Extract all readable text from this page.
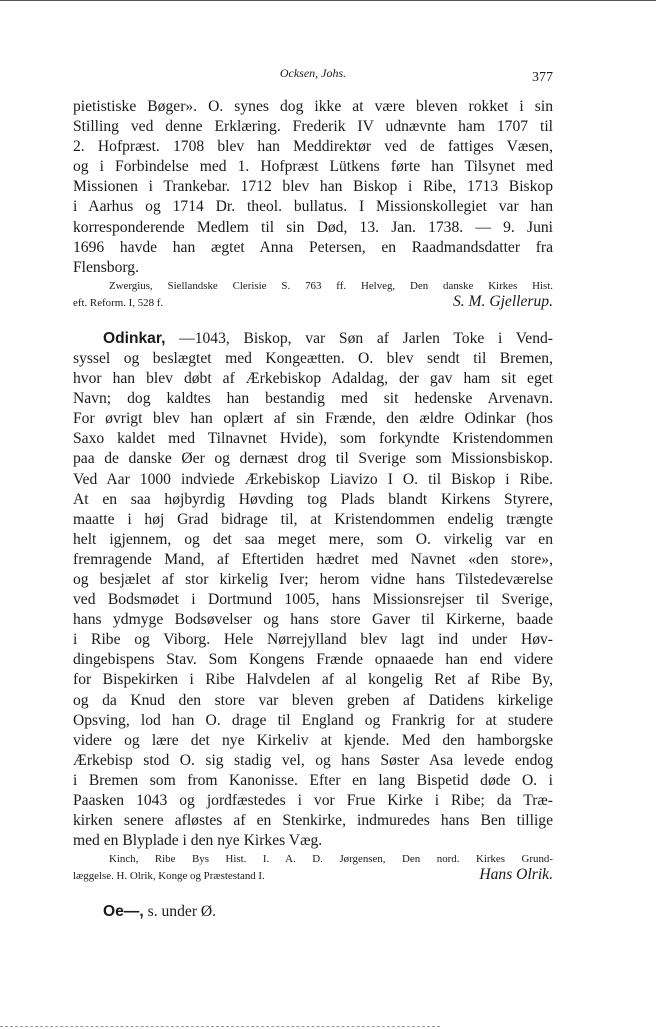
Ocksen, Johs.	377
pietistiske Bøger». O. synes dog ikke at være bleven rokket i sin
Stilling ved denne Erklæring. Frederik IV udnævnte ham 1707 til
2. Hofpræst. 1708 blev han Meddirektør ved de fattiges Væsen,
og i Forbindelse med 1. Hofpræst Lütkens førte han Tilsynet med
Missionen i Trankebar. 1712 blev han Biskop i Ribe, 1713 Biskop
i Aarhus og 1714 Dr. theol. bullatus. I Missionskollegiet var han
korresponderende Medlem til sin Død, 13. Jan. 1738. — 9. Juni
1696 havde han ægtet Anna Petersen, en Raadmandsdatter fra
Flensborg.
Zwergius, Siellandske Clerisie S. 763 ff. Helveg, Den danske Kirkes Hist.
eft. Reform. I, 528 f.	S. M. Gjellerup.
Odinkar, —1043, Biskop, var Søn af Jarlen Toke i Vend-
syssel og beslægtet med Kongeætten. O. blev sendt til Bremen,
hvor han blev døbt af Ærkebiskop Adaldag, der gav ham sit eget
Navn; dog kaldtes han bestandig med sit hedenske Arvenavn.
For øvrigt blev han oplært af sin Frænde, den ældre Odinkar (hos
Saxo kaldet med Tilnavnet Hvide), som forkyndte Kristendommen
paa de danske Øer og dernæst drog til Sverige som Missionsbiskop.
Ved Aar 1000 indviede Ærkebiskop Liavizo I O. til Biskop i Ribe.
At en saa højbyrdig Høvding tog Plads blandt Kirkens Styrere,
maatte i høj Grad bidrage til, at Kristendommen endelig trængte
helt igjennem, og det saa meget mere, som O. virkelig var en
fremragende Mand, af Eftertiden hædret med Navnet «den store»,
og besjælet af stor kirkelig Iver; herom vidne hans Tilstedeværelse
ved Bodsmødet i Dortmund 1005, hans Missionsrejser til Sverige,
hans ydmyge Bodsøvelser og hans store Gaver til Kirkerne, baade
i Ribe og Viborg. Hele Nørrejylland blev lagt ind under Høv-
dingebispens Stav. Som Kongens Frænde opnaaede han end videre
for Bispekirken i Ribe Halvdelen af al kongelig Ret af Ribe By,
og da Knud den store var bleven greben af Datidens kirkelige
Opsving, lod han O. drage til England og Frankrig for at studere
videre og lære det nye Kirkeliv at kjende. Med den hamborgske
Ærkebisp stod O. sig stadig vel, og hans Søster Asa levede endog
i Bremen som from Kanonisse. Efter en lang Bispetid døde O. i
Paasken 1043 og jordfæstedes i vor Frue Kirke i Ribe; da Træ-
kirken senere afløstes af en Stenkirke, indmuredes hans Ben tillige
med en Blyplade i den nye Kirkes Væg.
Kinch, Ribe Bys Hist. I. A. D. Jørgensen, Den nord. Kirkes Grund-
læggelse. H. Olrik, Konge og Præstestand I.	Hans Olrik.
Oe—, s. under Ø.
